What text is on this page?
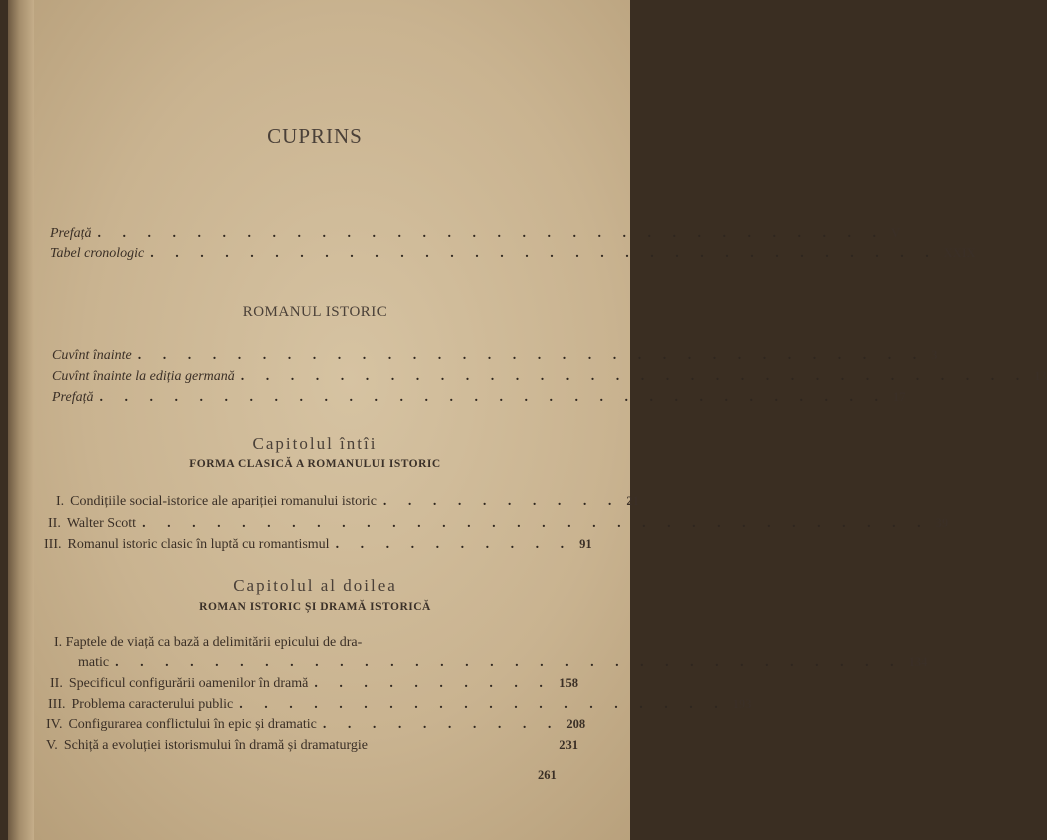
CUPRINS
Prefață . . . . . . . . . . . . . . . . . . . . . . . . . . . . . . . . V
Tabel cronologic . . . . . . . . . . . . . . . . . . . . . . . . . . . . . . . . XXIX
ROMANUL ISTORIC
Cuvînt înainte . . . . . . . . . . . . . . . . . . . . . . . . . . . . . . . . 3
Cuvînt înainte la ediția germană . . . . . . . . . . . . . . . . . . . . . . . . . . . . . . . . 13
Prefață . . . . . . . . . . . . . . . . . . . . . . . . . . . . . . . . 17
Capitolul întîi
FORMA CLASICĂ A ROMANULUI ISTORIC
I. Condițiile social-istorice ale apariției romanului istoric . . . . . . . . . . 21
II. Walter Scott . . . . . . . . . . . . . . . . . . . . . . . . . . . . . . . . 39
III. Romanul istoric clasic în luptă cu romantismul . . . . . . . . . . 91
Capitolul al doilea
ROMAN ISTORIC ȘI DRAMĂ ISTORICĂ
I. Faptele de viață ca bază a delimitării epicului de dra-
matic . . . . . . . . . . . . . . . . . . . . . . . . . . . . . . . . 134
II. Specificul configurării oamenilor în dramă . . . . . . . . . . 158
III. Problema caracterului public . . . . . . . . . . . . . . . . . . . . 193
IV. Configurarea conflictului în epic și dramatic . . . . . . . . . . 208
V. Schiță a evoluției istorismului în dramă și dramaturgie	231
261
